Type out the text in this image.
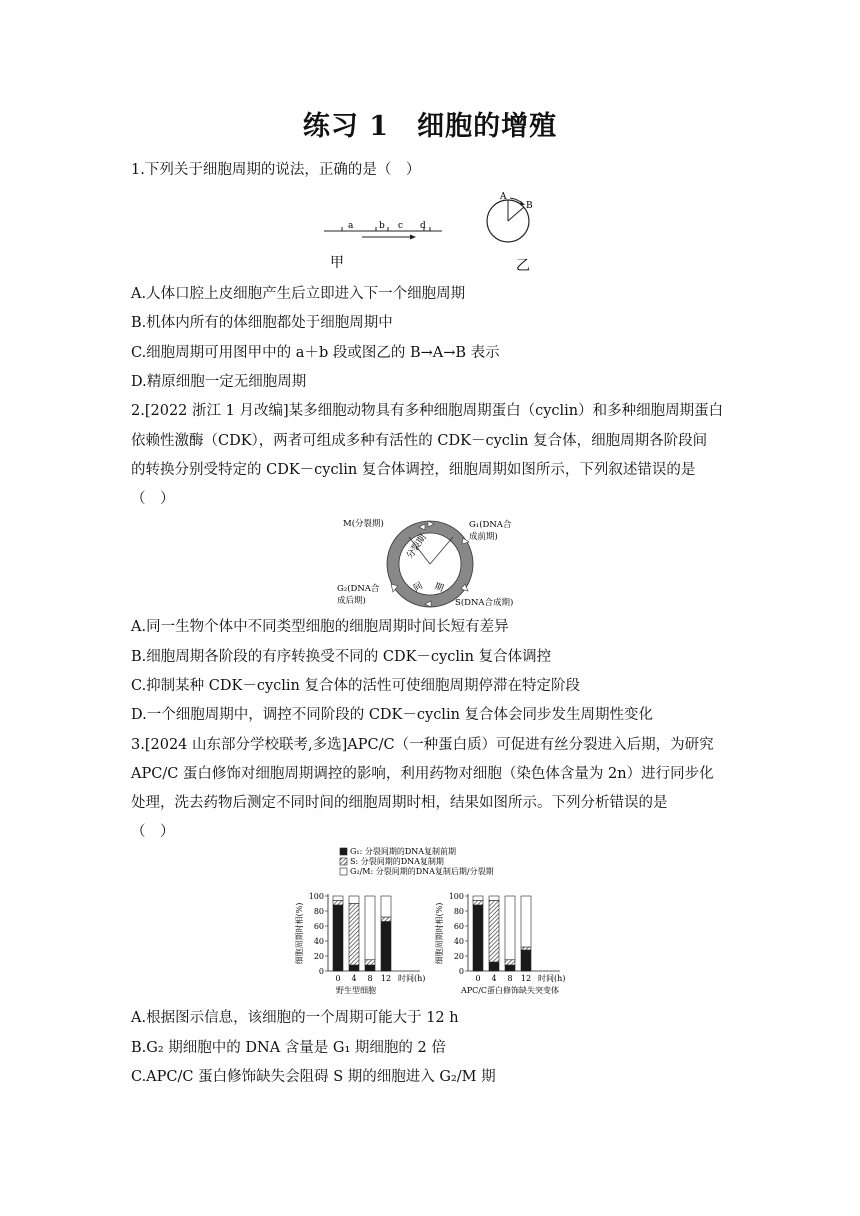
练习 1　细胞的增殖
1.下列关于细胞周期的说法，正确的是（　）
a	b c d
甲
A
B
乙
A.人体口腔上皮细胞产生后立即进入下一个细胞周期
B.机体内所有的体细胞都处于细胞周期中
C.细胞周期可用图甲中的 a＋b 段或图乙的 B→A→B 表示
D.精原细胞一定无细胞周期
2.[2022 浙江 1 月改编]某多细胞动物具有多种细胞周期蛋白（cyclin）和多种细胞周期蛋白
依赖性激酶（CDK），两者可组成多种有活性的 CDK－cyclin 复合体，细胞周期各阶段间
的转换分别受特定的 CDK－cyclin 复合体调控，细胞周期如图所示，下列叙述错误的是
（　）
分裂期
间 期
M(分裂期)	G₁(DNA合
成前期)
G₂(DNA合
成后期)	S(DNA合成期)
A.同一生物个体中不同类型细胞的细胞周期时间长短有差异
B.细胞周期各阶段的有序转换受不同的 CDK－cyclin 复合体调控
C.抑制某种 CDK－cyclin 复合体的活性可使细胞周期停滞在特定阶段
D.一个细胞周期中，调控不同阶段的 CDK－cyclin 复合体会同步发生周期性变化
3.[2024 山东部分学校联考,多选]APC/C（一种蛋白质）可促进有丝分裂进入后期，为研究
APC/C 蛋白修饰对细胞周期调控的影响，利用药物对细胞（染色体含量为 2n）进行同步化
处理，洗去药物后测定不同时间的细胞周期时相，结果如图所示。下列分析错误的是
（　）
G₁: 分裂间期的DNA复制前期
S: 分裂间期的DNA复制期
G₂/M: 分裂间期的DNA复制后期/分裂期
0
20
40
60
80
100
细胞周期时相(%)
0 4 8 12 时间(h)
野生型细胞
0
20
40
60
80
100
细胞周期时相(%)
0 4 8 12 时间(h)
APC/C蛋白修饰缺失突变体
A.根据图示信息，该细胞的一个周期可能大于 12 h
B.G₂ 期细胞中的 DNA 含量是 G₁ 期细胞的 2 倍
C.APC/C 蛋白修饰缺失会阻碍 S 期的细胞进入 G₂/M 期
